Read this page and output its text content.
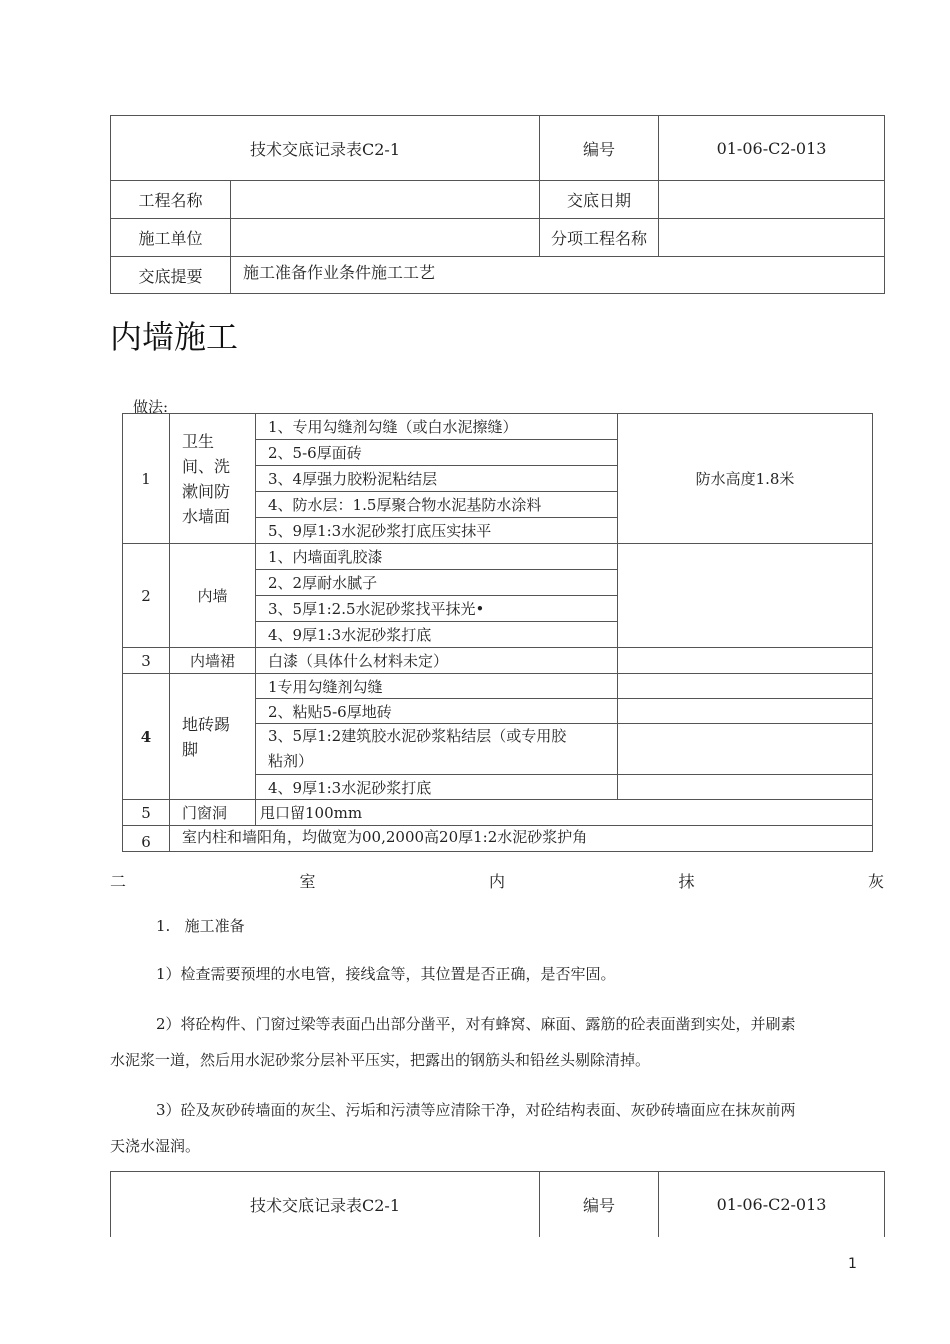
技术交底记录表C2-1		编号	01-06-C2-013
工程名称		交底日期	
施工单位		分项工程名称	
交底提要	施工准备作业条件施工工艺		
内墙施工
做法:
1	卫生
间、洗
漱间防
水墙面	1、专用勾缝剂勾缝（或白水泥擦缝）	防水高度1.8米
		2、5-6厚面砖	
		3、4厚强力胶粉泥粘结层	
		4、防水层：1.5厚聚合物水泥基防水涂料	
		5、9厚1:3水泥砂浆打底压实抹平	
2	内墙	1、内墙面乳胶漆	
		2、2厚耐水腻子	
		3、5厚1:2.5水泥砂浆找平抹光•	
		4、9厚1:3水泥砂浆打底	
3	内墙裙	白漆（具体什么材料未定）	
4	地砖踢
脚	1专用勾缝剂勾缝	
		2、粘贴5-6厚地砖	

		3、5厚1:2建筑胶水泥砂浆粘结层（或专用胶
粘剂）	

		4、9厚1:3水泥砂浆打底	
5	门窗洞	甩口留100mm	
6	室内柱和墙阳角，均做宽为00,2000高20厚1:2水泥砂浆护角		
二	室	内	抹	灰
1.   施工准备
1）检查需要预埋的水电管，接线盒等，其位置是否正确，是否牢固。
2）将砼构件、门窗过梁等表面凸出部分凿平，对有蜂窝、麻面、露筋的砼表面凿到实处，并刷素
水泥浆一道，然后用水泥砂浆分层补平压实，把露出的钢筋头和铅丝头剔除清掉。
3）砼及灰砂砖墙面的灰尘、污垢和污渍等应清除干净，对砼结构表面、灰砂砖墙面应在抹灰前两
天浇水湿润。
技术交底记录表C2-1	编号	01-06-C2-013
1
